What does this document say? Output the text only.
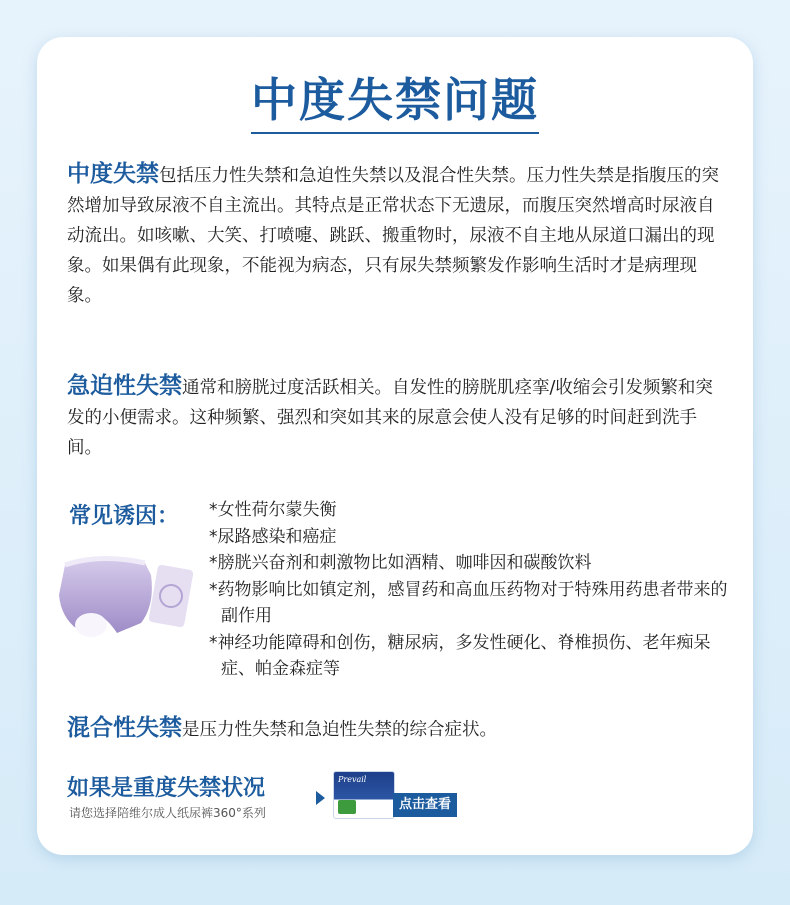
中度失禁问题

中度失禁包括压力性失禁和急迫性失禁以及混合性失禁。压力性失禁是指腹压的突然增加导致尿液不自主流出。其特点是正常状态下无遗尿，而腹压突然增高时尿液自动流出。如咳嗽、大笑、打喷嚏、跳跃、搬重物时，尿液不自主地从尿道口漏出的现象。如果偶有此现象，不能视为病态，只有尿失禁频繁发作影响生活时才是病理现象。

急迫性失禁通常和膀胱过度活跃相关。自发性的膀胱肌痉挛/收缩会引发频繁和突发的小便需求。这种频繁、强烈和突如其来的尿意会使人没有足够的时间赶到洗手间。

常见诱因： *女性荷尔蒙失衡
*尿路感染和癌症
*膀胱兴奋剂和刺激物比如酒精、咖啡因和碳酸饮料
*药物影响比如镇定剂，感冒药和高血压药物对于特殊用药患者带来的副作用
*神经功能障碍和创伤，糖尿病，多发性硬化、脊椎损伤、老年痴呆症、帕金森症等

混合性失禁是压力性失禁和急迫性失禁的综合症状。

如果是重度失禁状况
请您选择陪维尔成人纸尿裤360°系列
Prevail
点击查看
